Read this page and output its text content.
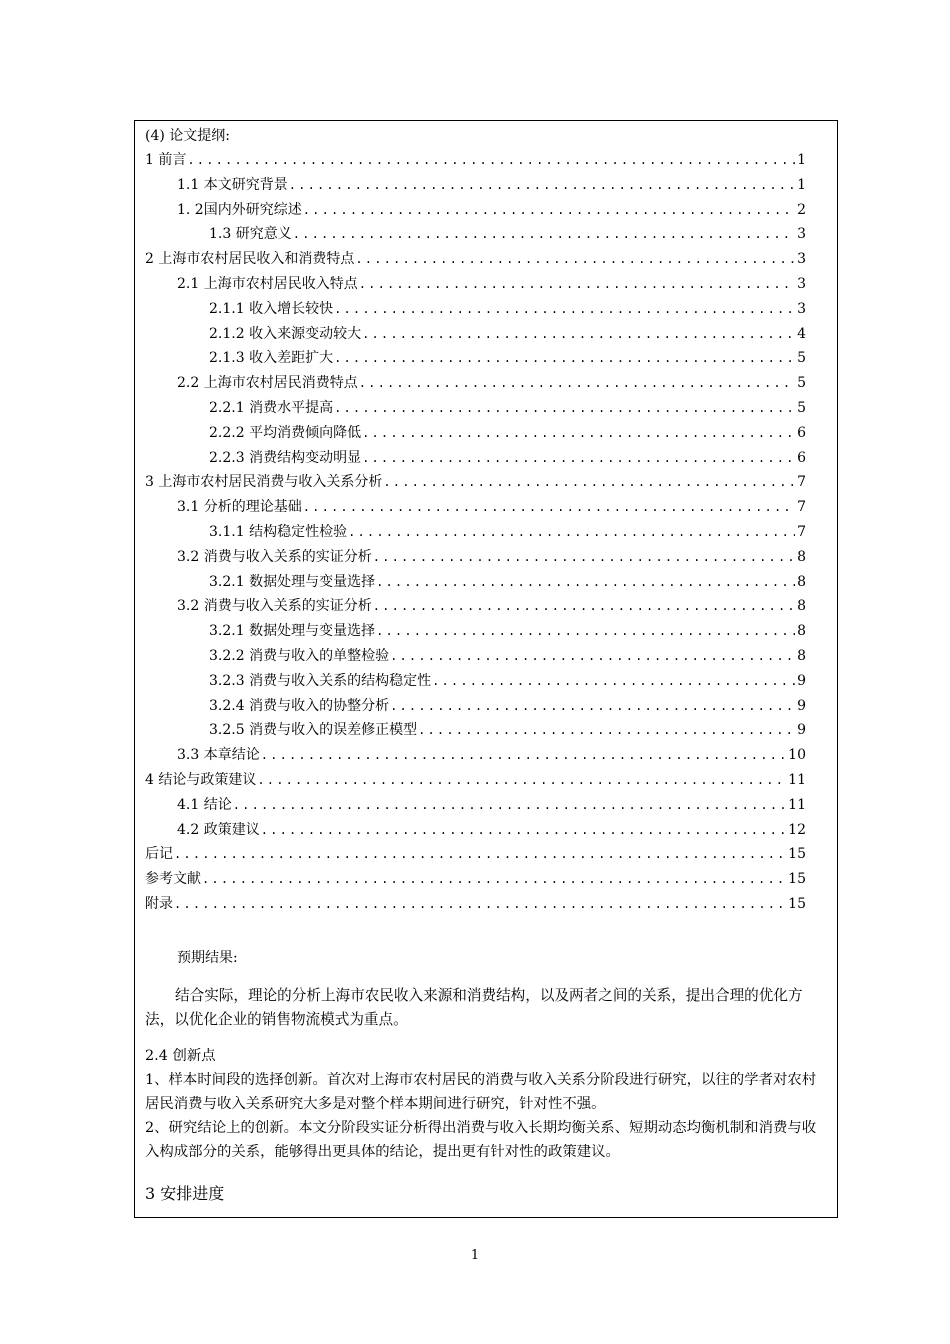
(4) 论文提纲:
1 前言 .....	1
1.1 本文研究背景 .....	1
1. 2国内外研究综述 .....	2
1.3 研究意义 .....	3
2 上海市农村居民收入和消费特点 .....	3
2.1 上海市农村居民收入特点 .....	3
2.1.1 收入增长较快 .....	3
2.1.2 收入来源变动较大 .....	4
2.1.3 收入差距扩大 .....	5
2.2 上海市农村居民消费特点 .....	5
2.2.1 消费水平提高 .....	5
2.2.2 平均消费倾向降低 .....	6
2.2.3 消费结构变动明显 .....	6
3 上海市农村居民消费与收入关系分析 .....	7
3.1 分析的理论基础 .....	7
3.1.1 结构稳定性检验 .....	7
3.2 消费与收入关系的实证分析 .....	8
3.2.1 数据处理与变量选择 .....	8
3.2 消费与收入关系的实证分析 .....	8
3.2.1 数据处理与变量选择 .....	8
3.2.2 消费与收入的单整检验 .....	8
3.2.3 消费与收入关系的结构稳定性 .....	9
3.2.4 消费与收入的协整分析 .....	9
3.2.5 消费与收入的误差修正模型 .....	9
3.3 本章结论 .....	10
4 结论与政策建议 .....	11
4.1 结论 .....	11
4.2 政策建议 .....	12
后记 .....	15
参考文献 .....	15
附录 .....	15
预期结果:

结合实际，理论的分析上海市农民收入来源和消费结构，以及两者之间的关系，提出合理的优化方法，以优化企业的销售物流模式为重点。

2.4 创新点

1、样本时间段的选择创新。首次对上海市农村居民的消费与收入关系分阶段进行研究，以往的学者对农村居民消费与收入关系研究大多是对整个样本期间进行研究，针对性不强。

2、研究结论上的创新。本文分阶段实证分析得出消费与收入长期均衡关系、短期动态均衡机制和消费与收入构成部分的关系，能够得出更具体的结论，提出更有针对性的政策建议。

3 安排进度
1
